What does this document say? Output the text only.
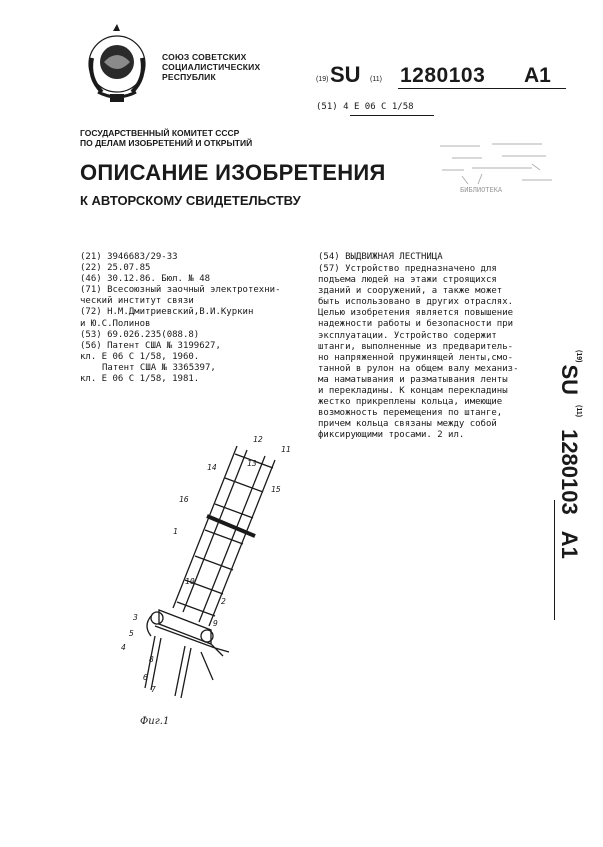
СОЮЗ СОВЕТСКИХ
СОЦИАЛИСТИЧЕСКИХ
РЕСПУБЛИК	(19) SU (11) 1280103 A1
(51) 4 E 06 C 1/58
ГОСУДАРСТВЕННЫЙ КОМИТЕТ СССР
ПО ДЕЛАМ ИЗОБРЕТЕНИЙ И ОТКРЫТИЙ
ОПИСАНИЕ ИЗОБРЕТЕНИЯ
К АВТОРСКОМУ СВИДЕТЕЛЬСТВУ
БИБЛИОТЕКА
(21) 3946683/29-33
(22) 25.07.85
(46) 30.12.86. Бюл. № 48
(71) Всесоюзный заочный электротехни-
ческий институт связи
(72) Н.М.Дмитриевский,В.И.Куркин
и Ю.С.Полинов
(53) 69.026.235(088.8)
(56) Патент США № 3199627,
кл. Е 06 С 1/58, 1960.
Патент США № 3365397,
кл. Е 06 С 1/58, 1981.
(54) ВЫДВИЖНАЯ ЛЕСТНИЦА
(57) Устройство предназначено для
подъема людей на этажи строящихся
зданий и сооружений, а также может
быть использовано в других отраслях.
Целью изобретения является повышение
надежности работы и безопасности при
эксплуатации. Устройство содержит
штанги, выполненные из предваритель-
но напряженной пружинящей ленты,смо-
танной в рулон на общем валу механиз-
ма наматывания и разматывания ленты
и перекладины. К концам перекладины
жестко прикреплены кольца, имеющие
возможность перемещения по штанге,
причем кольца связаны между собой
фиксирующими тросами. 2 ил.
$^{(19)}$SU$^{(11)}$1280103A1
12
11
14	13
15
16
1
10
2
3
9
5
4
8
6
7
Фиг.1
